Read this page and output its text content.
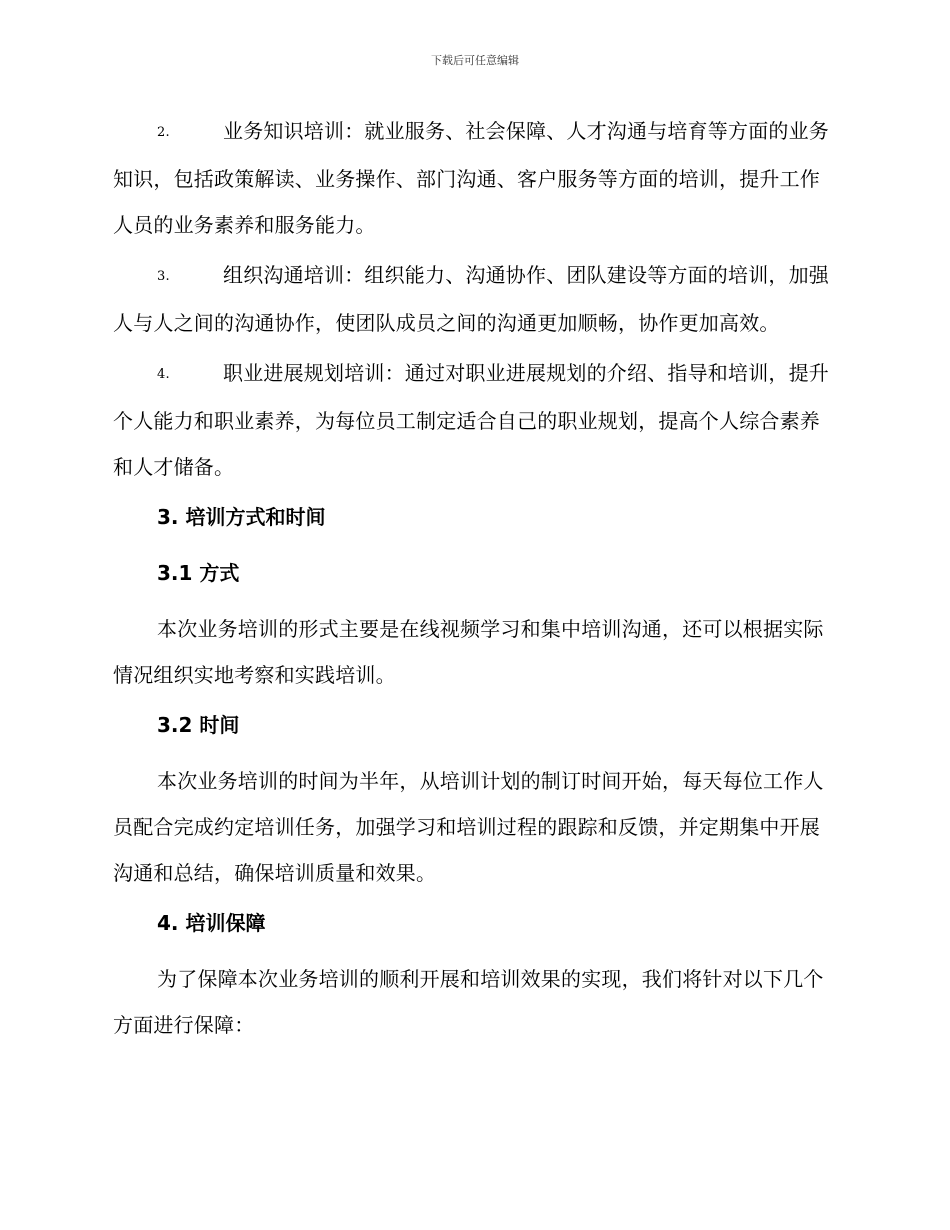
下载后可任意编辑

2.	业务知识培训：就业服务、社会保障、人才沟通与培育等方面的业务知识，包括政策解读、业务操作、部门沟通、客户服务等方面的培训，提升工作人员的业务素养和服务能力。

3.	组织沟通培训：组织能力、沟通协作、团队建设等方面的培训，加强人与人之间的沟通协作，使团队成员之间的沟通更加顺畅，协作更加高效。

4.	职业进展规划培训：通过对职业进展规划的介绍、指导和培训，提升个人能力和职业素养，为每位员工制定适合自己的职业规划，提高个人综合素养和人才储备。

3. 培训方式和时间
3.1 方式

本次业务培训的形式主要是在线视频学习和集中培训沟通，还可以根据实际情况组织实地考察和实践培训。

3.2 时间

本次业务培训的时间为半年，从培训计划的制订时间开始，每天每位工作人员配合完成约定培训任务，加强学习和培训过程的跟踪和反馈，并定期集中开展沟通和总结，确保培训质量和效果。

4. 培训保障

为了保障本次业务培训的顺利开展和培训效果的实现，我们将针对以下几个方面进行保障：
